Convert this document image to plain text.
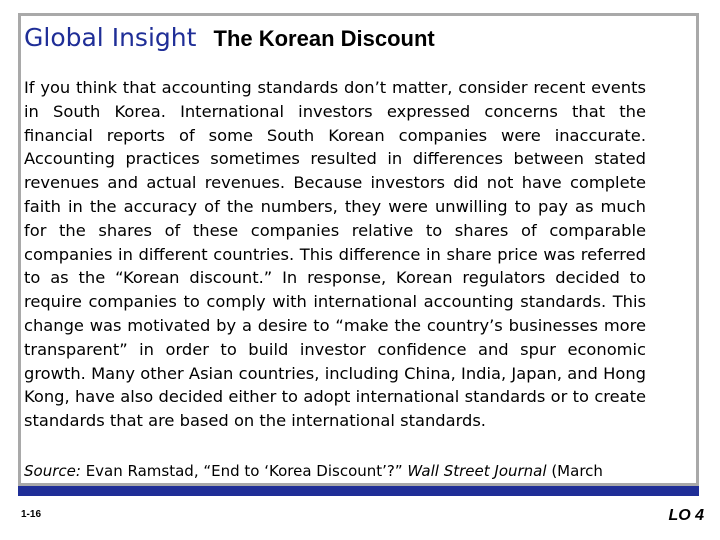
Global Insight The Korean Discount

If you think that accounting standards don’t matter, consider recent events in South Korea. International investors expressed concerns that the financial reports of some South Korean companies were inaccurate. Accounting practices sometimes resulted in differences between stated revenues and actual revenues. Because investors did not have complete faith in the accuracy of the numbers, they were unwilling to pay as much for the shares of these companies relative to shares of comparable companies in different countries. This difference in share price was referred to as the “Korean discount.” In response, Korean regulators decided to require companies to comply with international accounting standards. This change was motivated by a desire to “make the country’s businesses more transparent” in order to build investor confidence and spur economic growth. Many other Asian countries, including China, India, Japan, and Hong Kong, have also decided either to adopt international standards or to create standards that are based on the international standards.

Source: Evan Ramstad, “End to ‘Korea Discount’?” Wall Street Journal (March
1-16	LO 4
